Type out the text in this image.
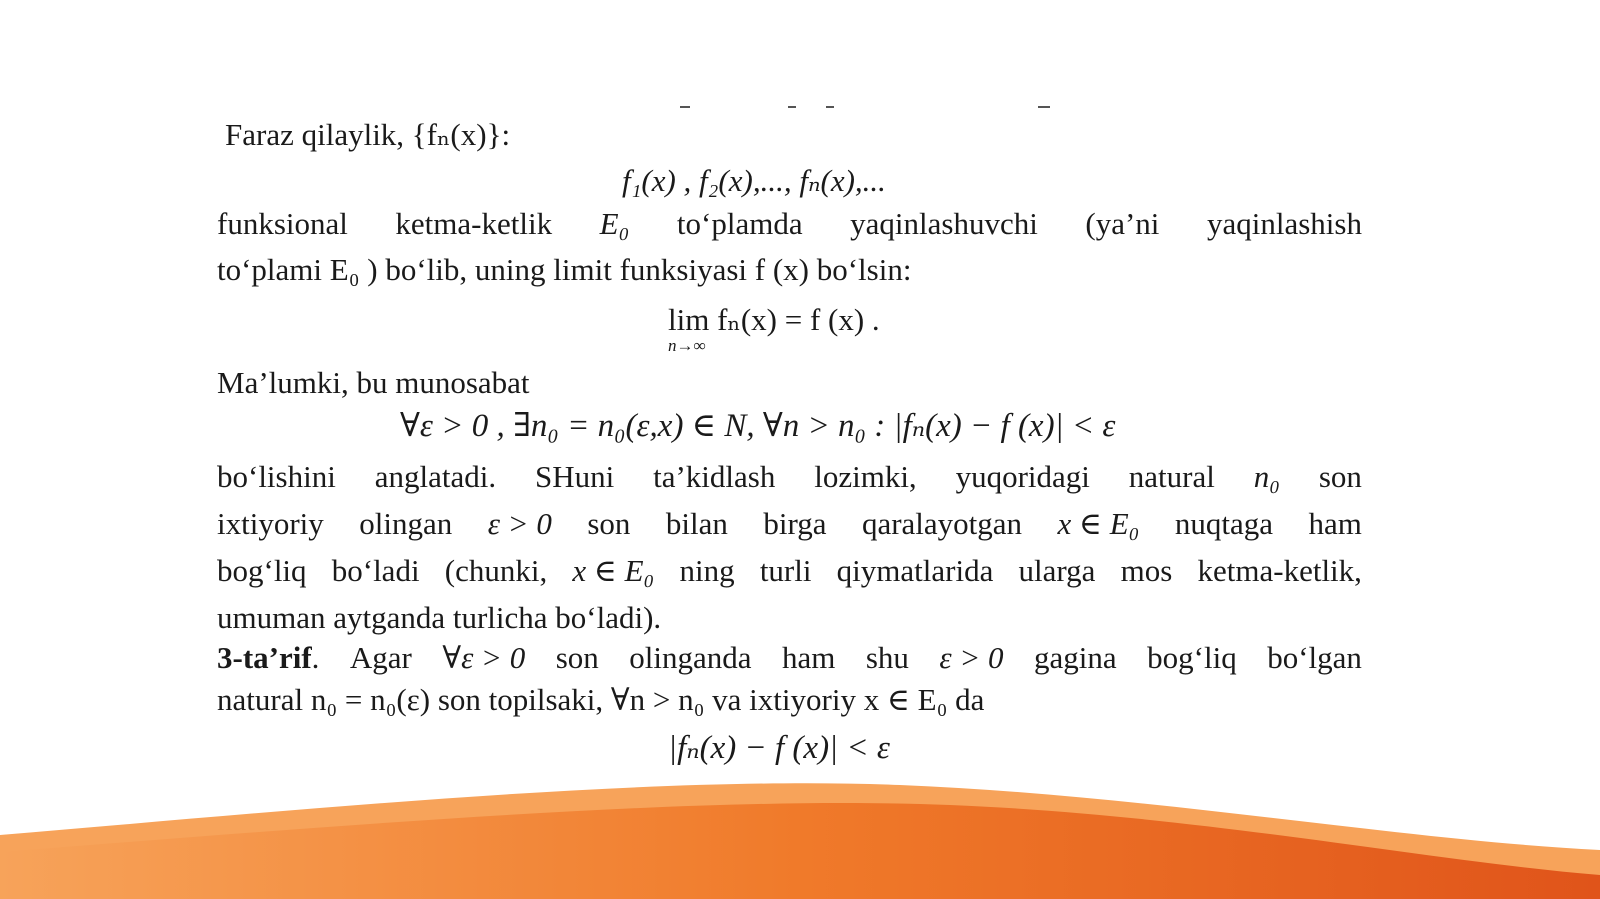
Faraz qilaylik, {fₙ(x)}:
f₁(x) , f₂(x),..., fₙ(x),...
funksional ketma-ketlik E₀ to‘plamda yaqinlashuvchi (ya’ni yaqinlashish
to‘plami E₀ ) bo‘lib, uning limit funksiyasi f (x) bo‘lsin:
lim fₙ(x) = f (x) .
n→∞
Ma’lumki, bu munosabat
∀ε > 0 , ∃n₀ = n₀(ε,x) ∈ N, ∀n > n₀ : |fₙ(x) − f (x)| < ε
bo‘lishini anglatadi. SHuni ta’kidlash lozimki, yuqoridagi natural n₀ son
ixtiyoriy olingan ε > 0 son bilan birga qaralayotgan x ∈ E₀ nuqtaga ham
bog‘liq bo‘ladi (chunki, x ∈ E₀ ning turli qiymatlarida ularga mos ketma-ketlik,
umuman aytganda turlicha bo‘ladi).
3-ta’rif. Agar ∀ε > 0 son olinganda ham shu ε > 0 gagina bog‘liq bo‘lgan
natural n₀ = n₀(ε) son topilsaki, ∀n > n₀ va ixtiyoriy x ∈ E₀ da
|fₙ(x) − f (x)| < ε
